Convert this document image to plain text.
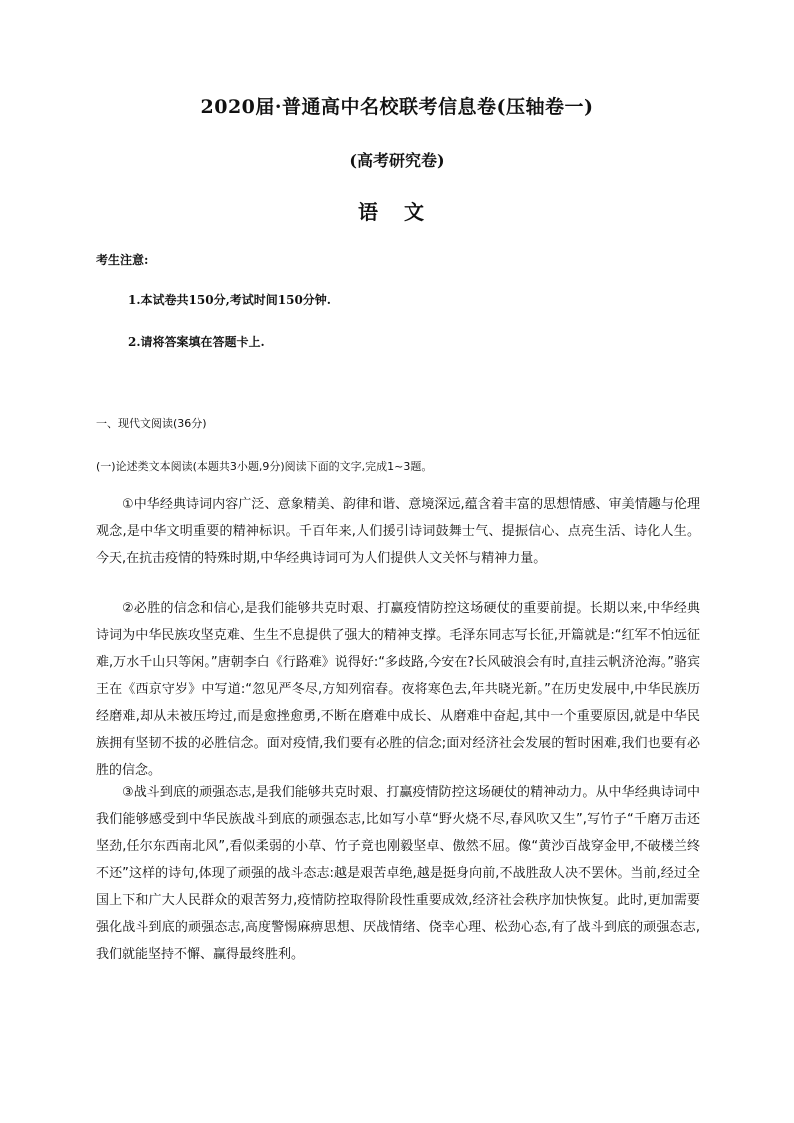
2020届·普通高中名校联考信息卷(压轴卷一)
(高考研究卷)
语文
考生注意:
1.本试卷共150分,考试时间150分钟.
2.请将答案填在答题卡上.
一、现代文阅读(36分)
(一)论述类文本阅读(本题共3小题,9分)阅读下面的文字,完成1~3题。

①中华经典诗词内容广泛、意象精美、韵律和谐、意境深远,蕴含着丰富的思想情感、审美情趣与伦理观念,是中华文明重要的精神标识。千百年来,人们援引诗词鼓舞士气、提振信心、点亮生活、诗化人生。今天,在抗击疫情的特殊时期,中华经典诗词可为人们提供人文关怀与精神力量。

②必胜的信念和信心,是我们能够共克时艰、打赢疫情防控这场硬仗的重要前提。长期以来,中华经典诗词为中华民族攻坚克难、生生不息提供了强大的精神支撑。毛泽东同志写长征,开篇就是:“红军不怕远征难,万水千山只等闲。”唐朝李白《行路难》说得好:“多歧路,今安在?长风破浪会有时,直挂云帆济沧海。”骆宾王在《西京守岁》中写道:“忽见严冬尽,方知列宿春。夜将寒色去,年共晓光新。”在历史发展中,中华民族历经磨难,却从未被压垮过,而是愈挫愈勇,不断在磨难中成长、从磨难中奋起,其中一个重要原因,就是中华民族拥有坚韧不拔的必胜信念。面对疫情,我们要有必胜的信念;面对经济社会发展的暂时困难,我们也要有必胜的信念。

③战斗到底的顽强态志,是我们能够共克时艰、打赢疫情防控这场硬仗的精神动力。从中华经典诗词中我们能够感受到中华民族战斗到底的顽强态志,比如写小草“野火烧不尽,春风吹又生”,写竹子“千磨万击还坚劲,任尔东西南北风”,看似柔弱的小草、竹子竟也刚毅坚卓、傲然不屈。像“黄沙百战穿金甲,不破楼兰终不还”这样的诗句,体现了顽强的战斗态志:越是艰苦卓绝,越是挺身向前,不战胜敌人决不罢休。当前,经过全国上下和广大人民群众的艰苦努力,疫情防控取得阶段性重要成效,经济社会秩序加快恢复。此时,更加需要强化战斗到底的顽强态志,高度警惕麻痹思想、厌战情绪、侥幸心理、松劲心态,有了战斗到底的顽强态志,我们就能坚持不懈、赢得最终胜利。
